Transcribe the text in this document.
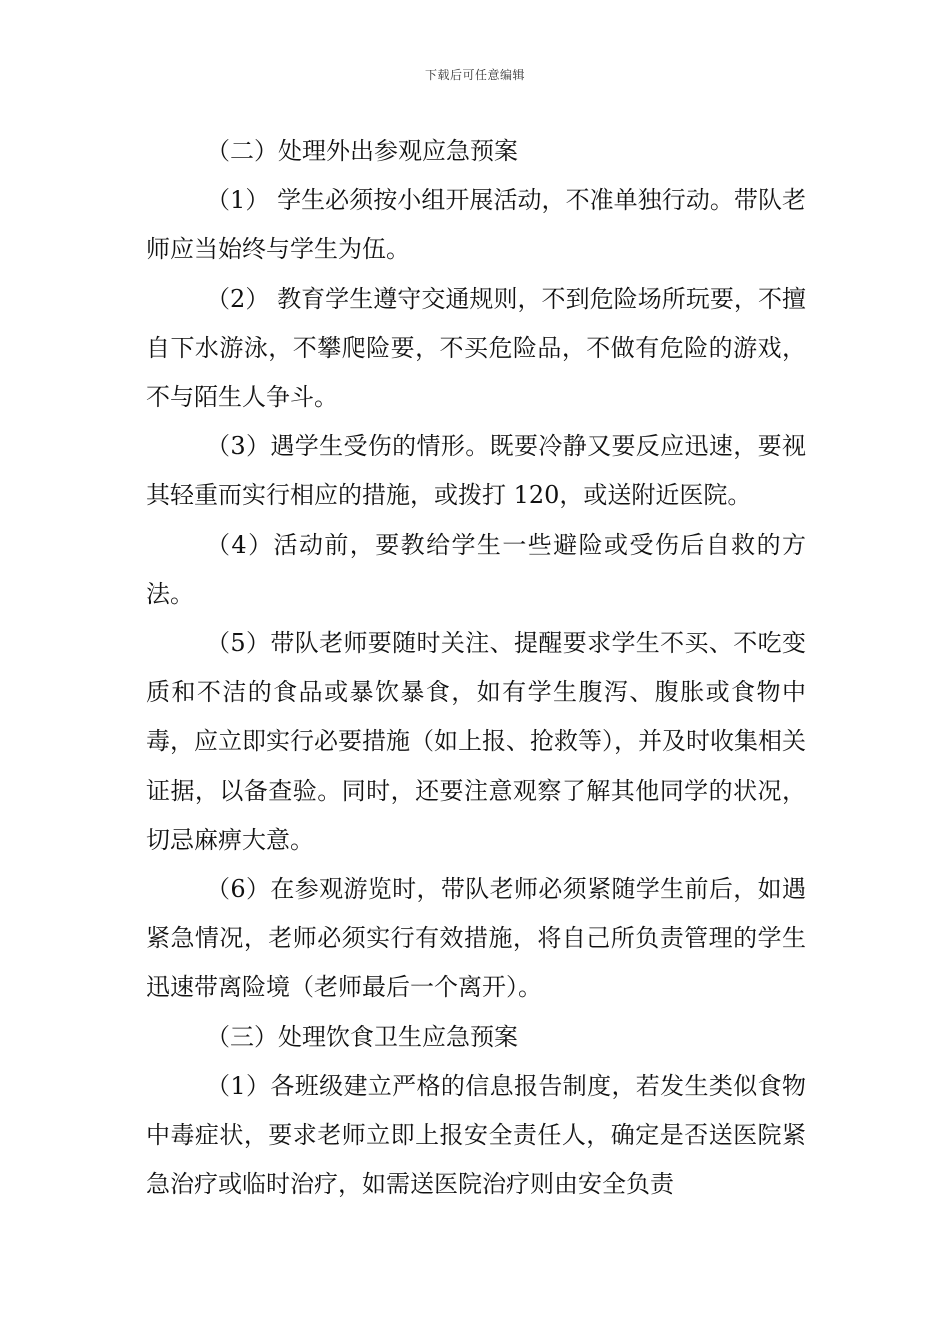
下载后可任意编辑

（二）处理外出参观应急预案

（1） 学生必须按小组开展活动，不准单独行动。带队老师应当始终与学生为伍。

（2） 教育学生遵守交通规则，不到危险场所玩要，不擅自下水游泳，不攀爬险要，不买危险品，不做有危险的游戏，不与陌生人争斗。

（3）遇学生受伤的情形。既要冷静又要反应迅速，要视其轻重而实行相应的措施，或拨打 120，或送附近医院。

（4）活动前，要教给学生一些避险或受伤后自救的方法。

（5）带队老师要随时关注、提醒要求学生不买、不吃变质和不洁的食品或暴饮暴食，如有学生腹泻、腹胀或食物中毒，应立即实行必要措施（如上报、抢救等），并及时收集相关证据，以备查验。同时，还要注意观察了解其他同学的状况，切忌麻痹大意。

（6）在参观游览时，带队老师必须紧随学生前后，如遇紧急情况，老师必须实行有效措施，将自己所负责管理的学生迅速带离险境（老师最后一个离开）。

（三）处理饮食卫生应急预案

（1）各班级建立严格的信息报告制度，若发生类似食物中毒症状，要求老师立即上报安全责任人，确定是否送医院紧急治疗或临时治疗，如需送医院治疗则由安全负责
